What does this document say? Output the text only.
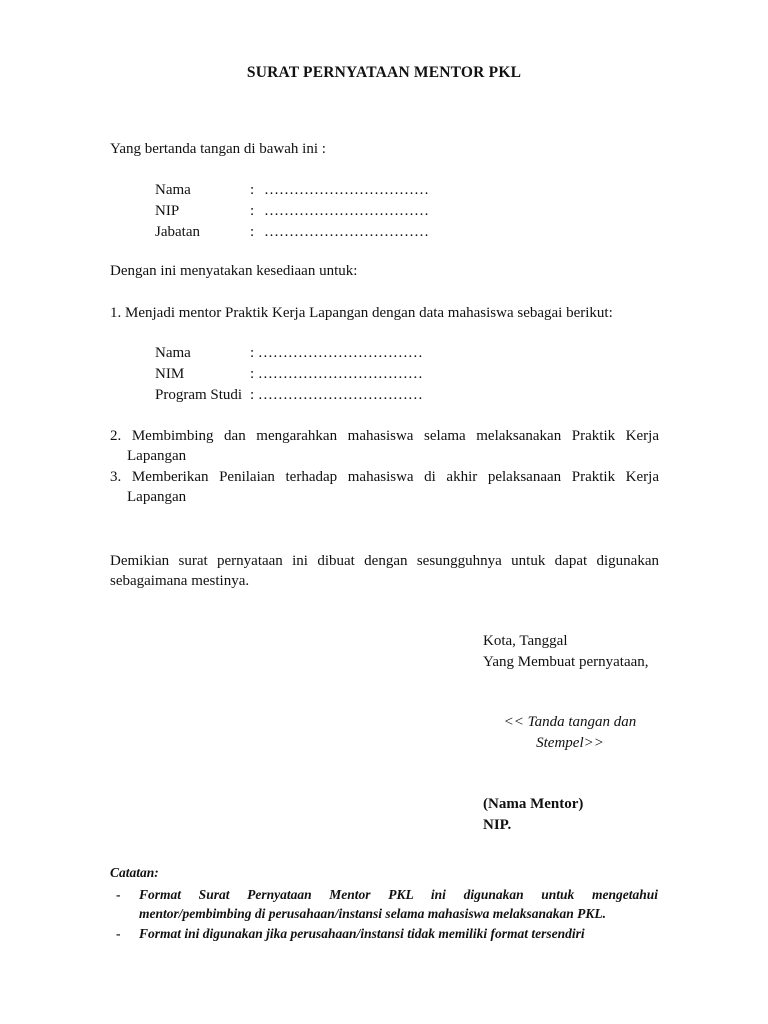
SURAT PERNYATAAN MENTOR PKL
Yang bertanda tangan di bawah ini :
Nama	: ……………………………
NIP	: ……………………………
Jabatan	: ……………………………
Dengan ini menyatakan kesediaan untuk:
1. Menjadi mentor Praktik Kerja Lapangan dengan data mahasiswa sebagai berikut:
Nama	: ……………………………
NIM	: ……………………………
Program Studi : ……………………………
2. Membimbing dan mengarahkan mahasiswa selama melaksanakan Praktik Kerja
Lapangan
3. Memberikan Penilaian terhadap mahasiswa di akhir pelaksanaan Praktik Kerja
Lapangan
Demikian surat pernyataan ini dibuat dengan sesungguhnya untuk dapat digunakan
sebagaimana mestinya.
Kota, Tanggal
Yang Membuat pernyataan,
<< Tanda tangan dan
Stempel>>
(Nama Mentor)
NIP.
Catatan:
- Format Surat Pernyataan Mentor PKL ini digunakan untuk mengetahui
mentor/pembimbing di perusahaan/instansi selama mahasiswa melaksanakan PKL.
- Format ini digunakan jika perusahaan/instansi tidak memiliki format tersendiri
